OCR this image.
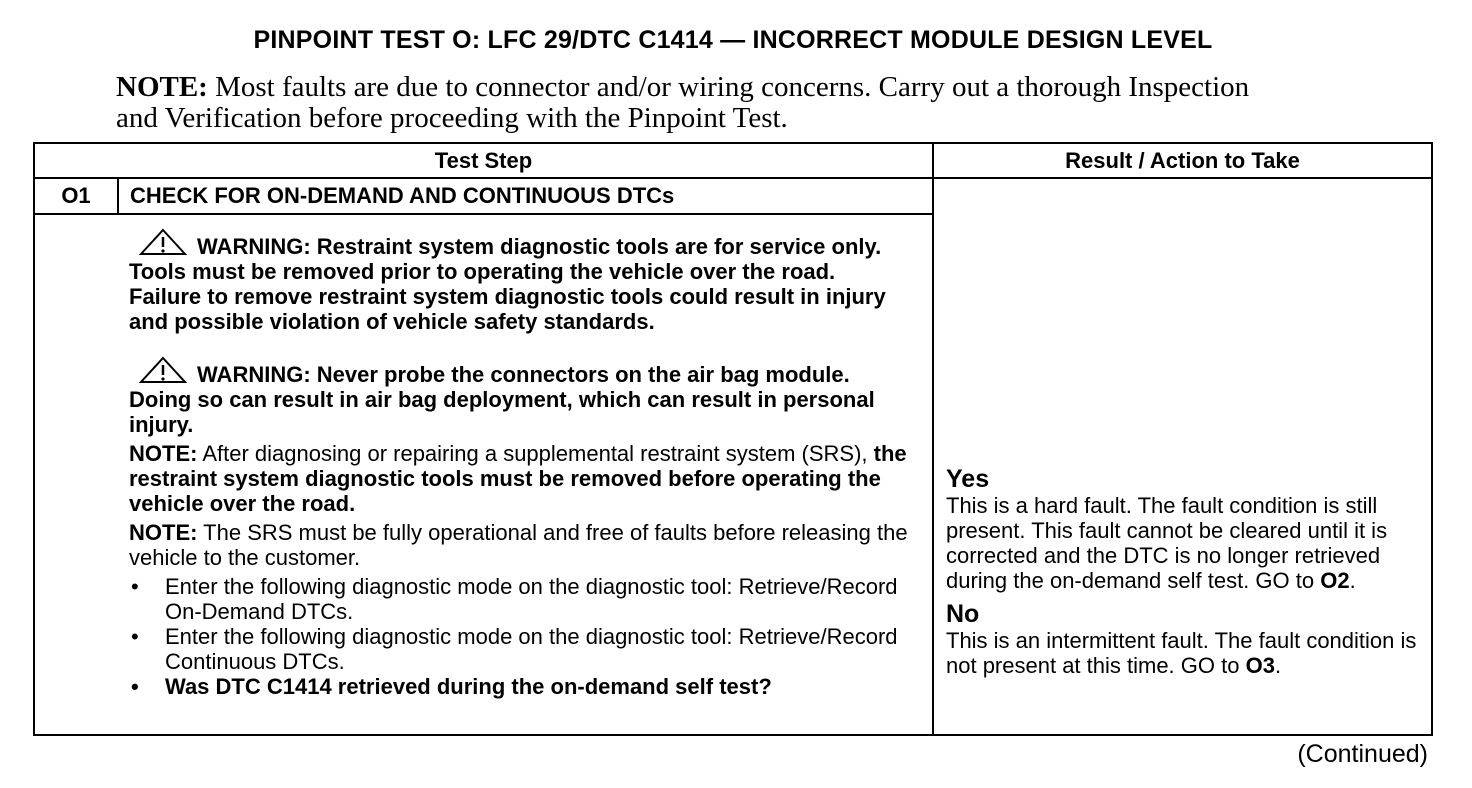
PINPOINT TEST O: LFC 29/DTC C1414 — INCORRECT MODULE DESIGN LEVEL
NOTE: Most faults are due to connector and/or wiring concerns. Carry out a thorough Inspection and Verification before proceeding with the Pinpoint Test.
Test Step	Result / Action to Take
O1	CHECK FOR ON-DEMAND AND CONTINUOUS DTCs
WARNING: Restraint system diagnostic tools are for service only. Tools must be removed prior to operating the vehicle over the road. Failure to remove restraint system diagnostic tools could result in injury and possible violation of vehicle safety standards.
WARNING: Never probe the connectors on the air bag module. Doing so can result in air bag deployment, which can result in personal injury.
NOTE: After diagnosing or repairing a supplemental restraint system (SRS), the restraint system diagnostic tools must be removed before operating the vehicle over the road.
NOTE: The SRS must be fully operational and free of faults before releasing the vehicle to the customer.
• Enter the following diagnostic mode on the diagnostic tool: Retrieve/Record On-Demand DTCs.
• Enter the following diagnostic mode on the diagnostic tool: Retrieve/Record Continuous DTCs.
• Was DTC C1414 retrieved during the on-demand self test?
Yes
This is a hard fault. The fault condition is still present. This fault cannot be cleared until it is corrected and the DTC is no longer retrieved during the on-demand self test. GO to O2.
No
This is an intermittent fault. The fault condition is not present at this time. GO to O3.
(Continued)
